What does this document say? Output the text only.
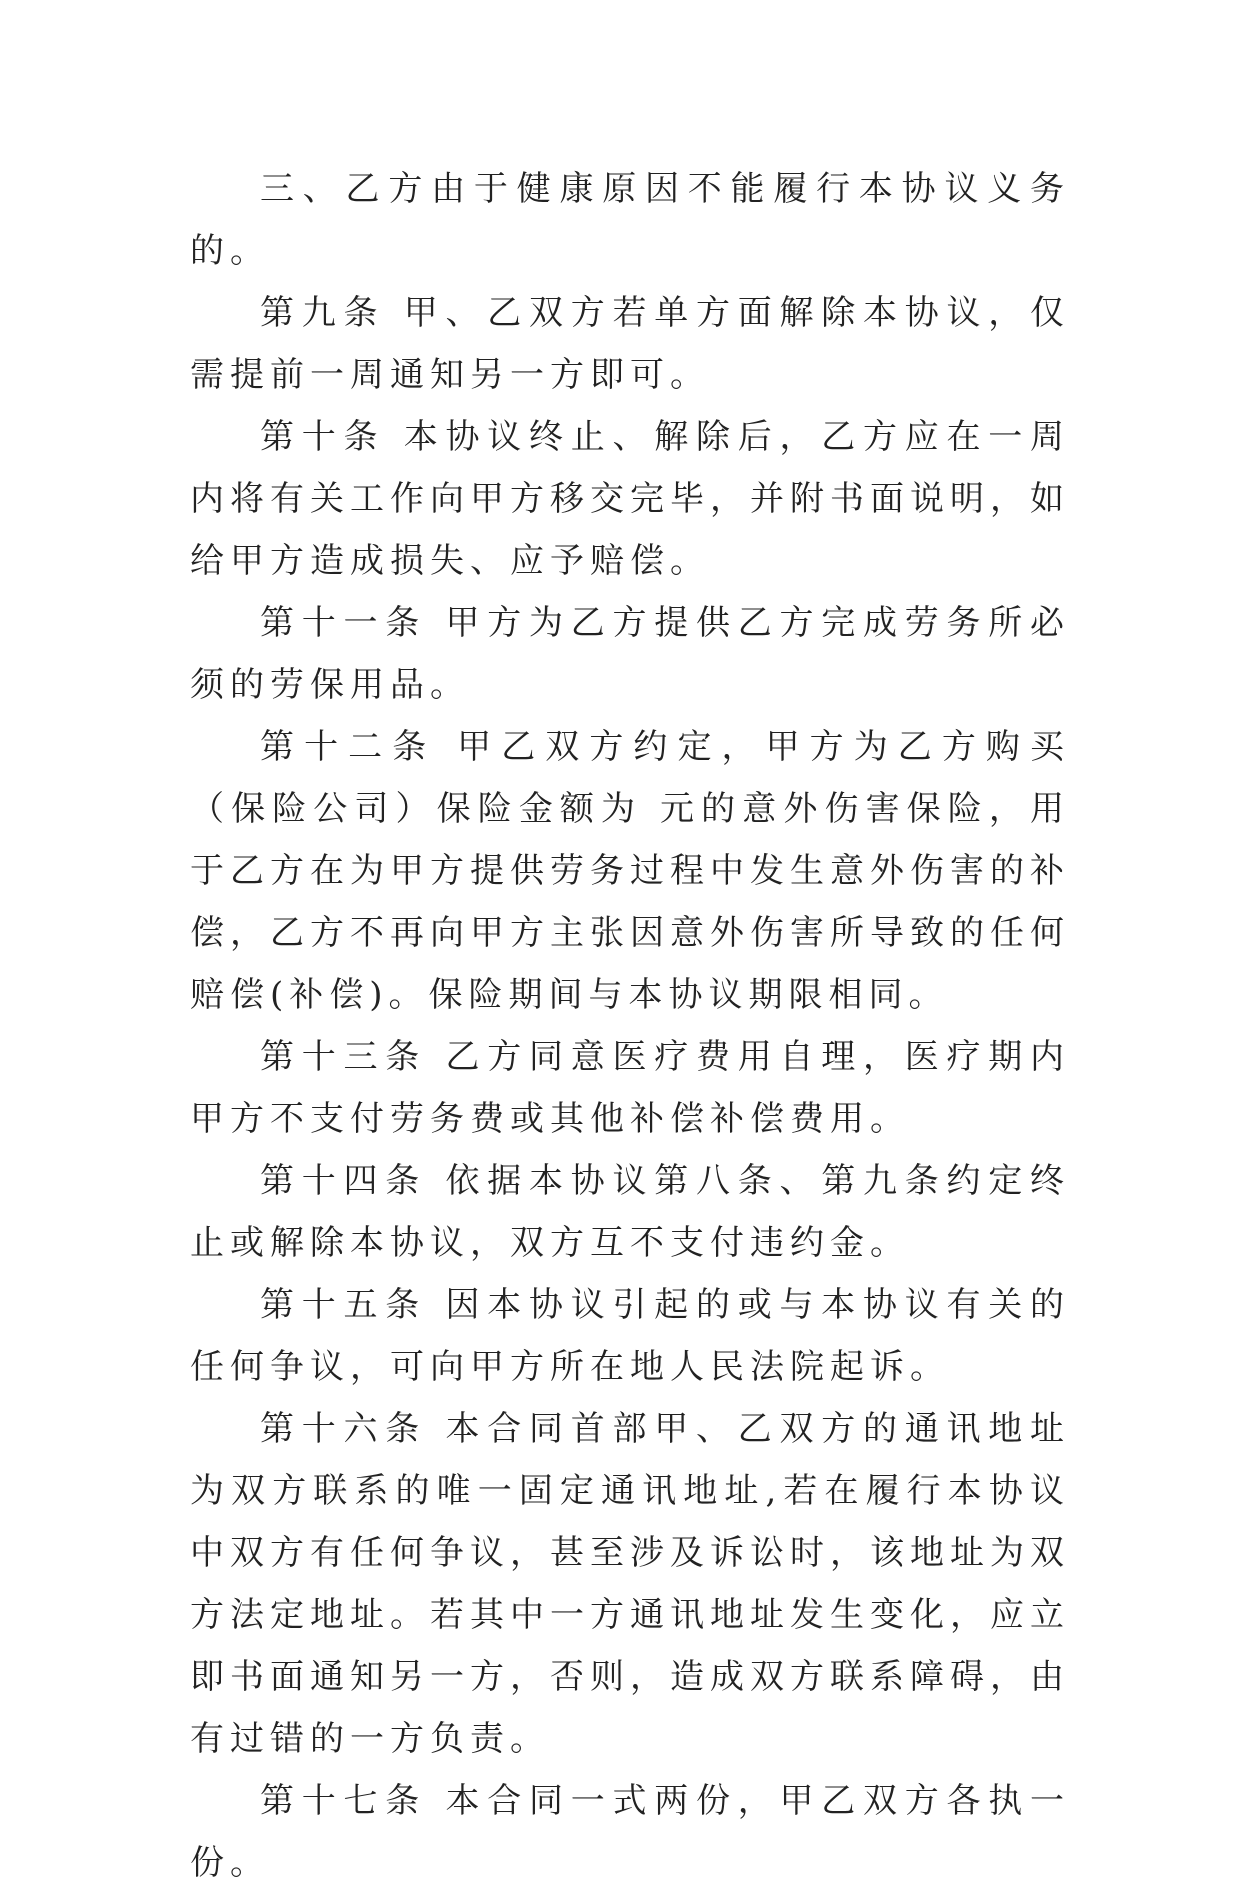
三、乙方由于健康原因不能履行本协议义务的。

第九条 甲、乙双方若单方面解除本协议，仅需提前一周通知另一方即可。

第十条 本协议终止、解除后，乙方应在一周内将有关工作向甲方移交完毕，并附书面说明，如给甲方造成损失、应予赔偿。

第十一条 甲方为乙方提供乙方完成劳务所必须的劳保用品。

第十二条 甲乙双方约定，甲方为乙方购买（保险公司）保险金额为 元的意外伤害保险，用于乙方在为甲方提供劳务过程中发生意外伤害的补偿，乙方不再向甲方主张因意外伤害所导致的任何赔偿(补偿)。保险期间与本协议期限相同。

第十三条 乙方同意医疗费用自理，医疗期内甲方不支付劳务费或其他补偿补偿费用。

第十四条 依据本协议第八条、第九条约定终止或解除本协议，双方互不支付违约金。

第十五条 因本协议引起的或与本协议有关的任何争议，可向甲方所在地人民法院起诉。

第十六条 本合同首部甲、乙双方的通讯地址为双方联系的唯一固定通讯地址,若在履行本协议中双方有任何争议，甚至涉及诉讼时，该地址为双方法定地址。若其中一方通讯地址发生变化，应立即书面通知另一方，否则，造成双方联系障碍，由有过错的一方负责。

第十七条 本合同一式两份，甲乙双方各执一份。
